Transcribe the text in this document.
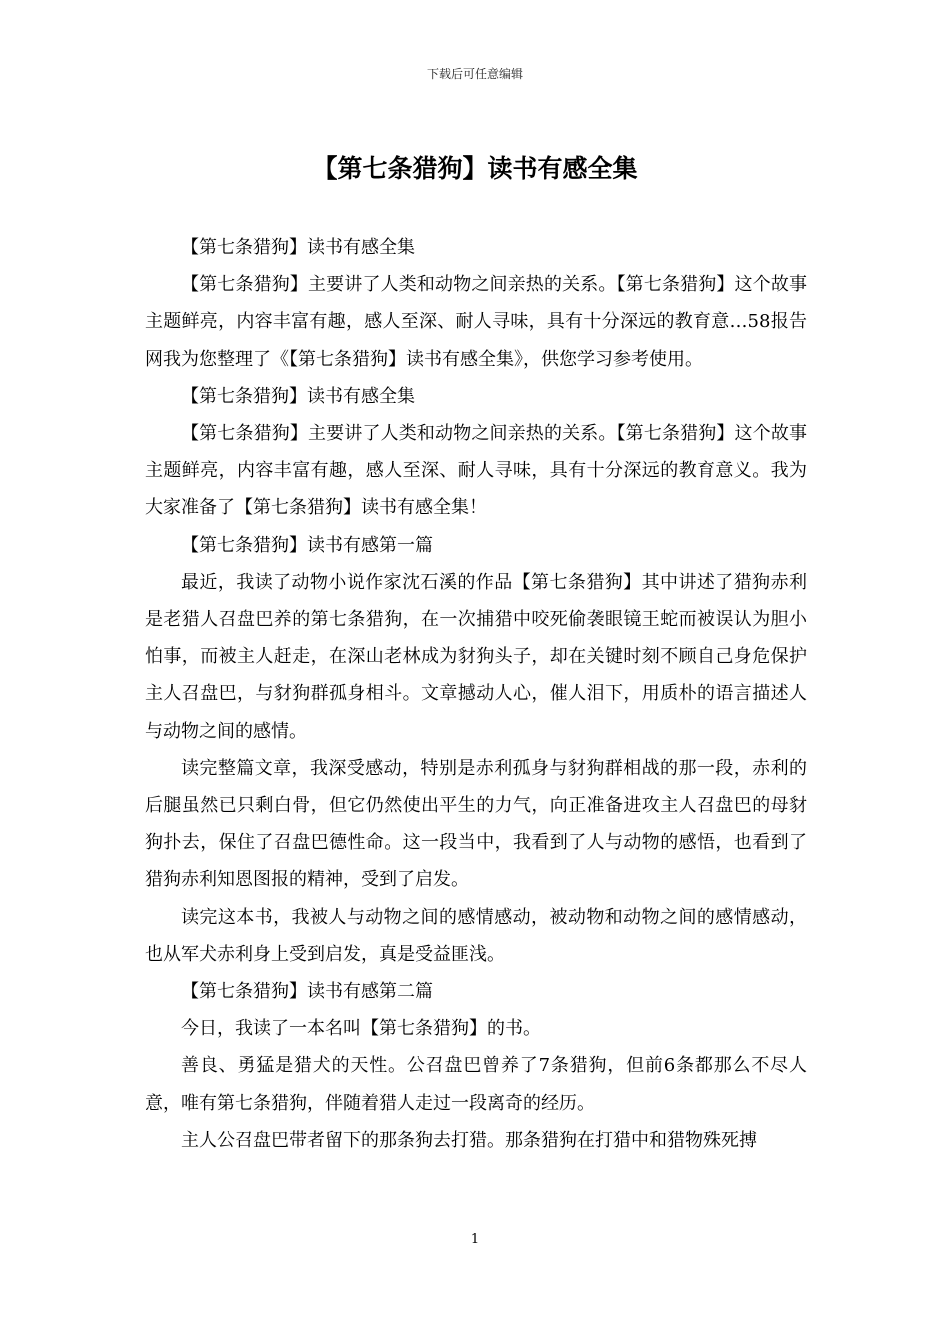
下载后可任意编辑
【第七条猎狗】读书有感全集

【第七条猎狗】读书有感全集

【第七条猎狗】主要讲了人类和动物之间亲热的关系。【第七条猎狗】这个故事主题鲜亮，内容丰富有趣，感人至深、耐人寻味，具有十分深远的教育意…58报告网我为您整理了《【第七条猎狗】读书有感全集》，供您学习参考使用。

【第七条猎狗】读书有感全集

【第七条猎狗】主要讲了人类和动物之间亲热的关系。【第七条猎狗】这个故事主题鲜亮，内容丰富有趣，感人至深、耐人寻味，具有十分深远的教育意义。我为大家准备了【第七条猎狗】读书有感全集！

【第七条猎狗】读书有感第一篇

最近，我读了动物小说作家沈石溪的作品【第七条猎狗】其中讲述了猎狗赤利是老猎人召盘巴养的第七条猎狗，在一次捕猎中咬死偷袭眼镜王蛇而被误认为胆小怕事，而被主人赶走，在深山老林成为豺狗头子，却在关键时刻不顾自己身危保护主人召盘巴，与豺狗群孤身相斗。文章撼动人心，催人泪下，用质朴的语言描述人与动物之间的感情。

读完整篇文章，我深受感动，特别是赤利孤身与豺狗群相战的那一段，赤利的后腿虽然已只剩白骨，但它仍然使出平生的力气，向正准备进攻主人召盘巴的母豺狗扑去，保住了召盘巴德性命。这一段当中，我看到了人与动物的感悟，也看到了猎狗赤利知恩图报的精神，受到了启发。

读完这本书，我被人与动物之间的感情感动，被动物和动物之间的感情感动，也从军犬赤利身上受到启发，真是受益匪浅。

【第七条猎狗】读书有感第二篇

今日，我读了一本名叫【第七条猎狗】的书。

善良、勇猛是猎犬的天性。公召盘巴曾养了7条猎狗，但前6条都那么不尽人意，唯有第七条猎狗，伴随着猎人走过一段离奇的经历。

主人公召盘巴带者留下的那条狗去打猎。那条猎狗在打猎中和猎物殊死搏

1
